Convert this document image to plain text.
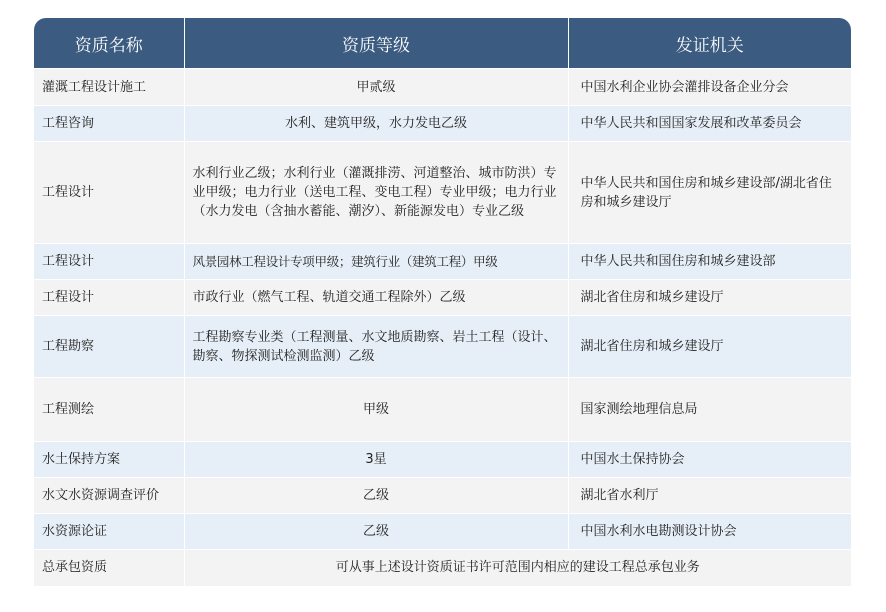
资质名称	资质等级	发证机关
灌溉工程设计施工	甲贰级	中国水利企业协会灌排设备企业分会
工程咨询	水利、建筑甲级，水力发电乙级	中华人民共和国国家发展和改革委员会
工程设计	水利行业乙级；水利行业（灌溉排涝、河道整治、城市防洪）专业甲级；电力行业（送电工程、变电工程）专业甲级；电力行业（水力发电（含抽水蓄能、潮汐）、新能源发电）专业乙级	中华人民共和国住房和城乡建设部/湖北省住房和城乡建设厅
工程设计	风景园林工程设计专项甲级；建筑行业（建筑工程）甲级	中华人民共和国住房和城乡建设部
工程设计	市政行业（燃气工程、轨道交通工程除外）乙级	湖北省住房和城乡建设厅
工程勘察	工程勘察专业类（工程测量、水文地质勘察、岩土工程（设计、勘察、物探测试检测监测）乙级	湖北省住房和城乡建设厅
工程测绘	甲级	国家测绘地理信息局
水土保持方案	3星	中国水土保持协会
水文水资源调查评价	乙级	湖北省水利厅
水资源论证	乙级	中国水利水电勘测设计协会
总承包资质	可从事上述设计资质证书许可范围内相应的建设工程总承包业务	
